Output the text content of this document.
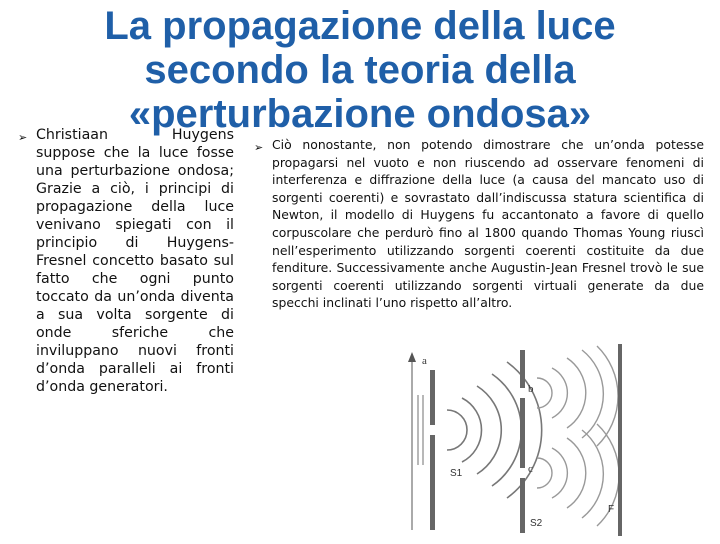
La propagazione della luce
secondo la teoria della
«perturbazione ondosa»
➢ Christiaan Huygens suppose che la luce fosse una perturbazione ondosa; Grazie a ciò, i principi di propagazione della luce venivano spiegati con il principio di Huygens-Fresnel concetto basato sul fatto che ogni punto toccato da un’onda diventa a sua volta sorgente di onde sferiche che inviluppano nuovi fronti d’onda paralleli ai fronti d’onda generatori.
➢ Ciò nonostante, non potendo dimostrare che un’onda potesse propagarsi nel vuoto e non riuscendo ad osservare fenomeni di interferenza e diffrazione della luce (a causa del mancato uso di sorgenti coerenti) e sovrastato dall’indiscussa statura scientifica di Newton, il modello di Huygens fu accantonato a favore di quello corpuscolare che perdurò fino al 1800 quando Thomas Young riuscì nell’esperimento utilizzando sorgenti coerenti costituite da due fenditure. Successivamente anche Augustin-Jean Fresnel trovò le sue sorgenti coerenti utilizzando sorgenti virtuali generate da due specchi inclinati l’uno rispetto all’altro.
a
b
c
S1
S2
F
